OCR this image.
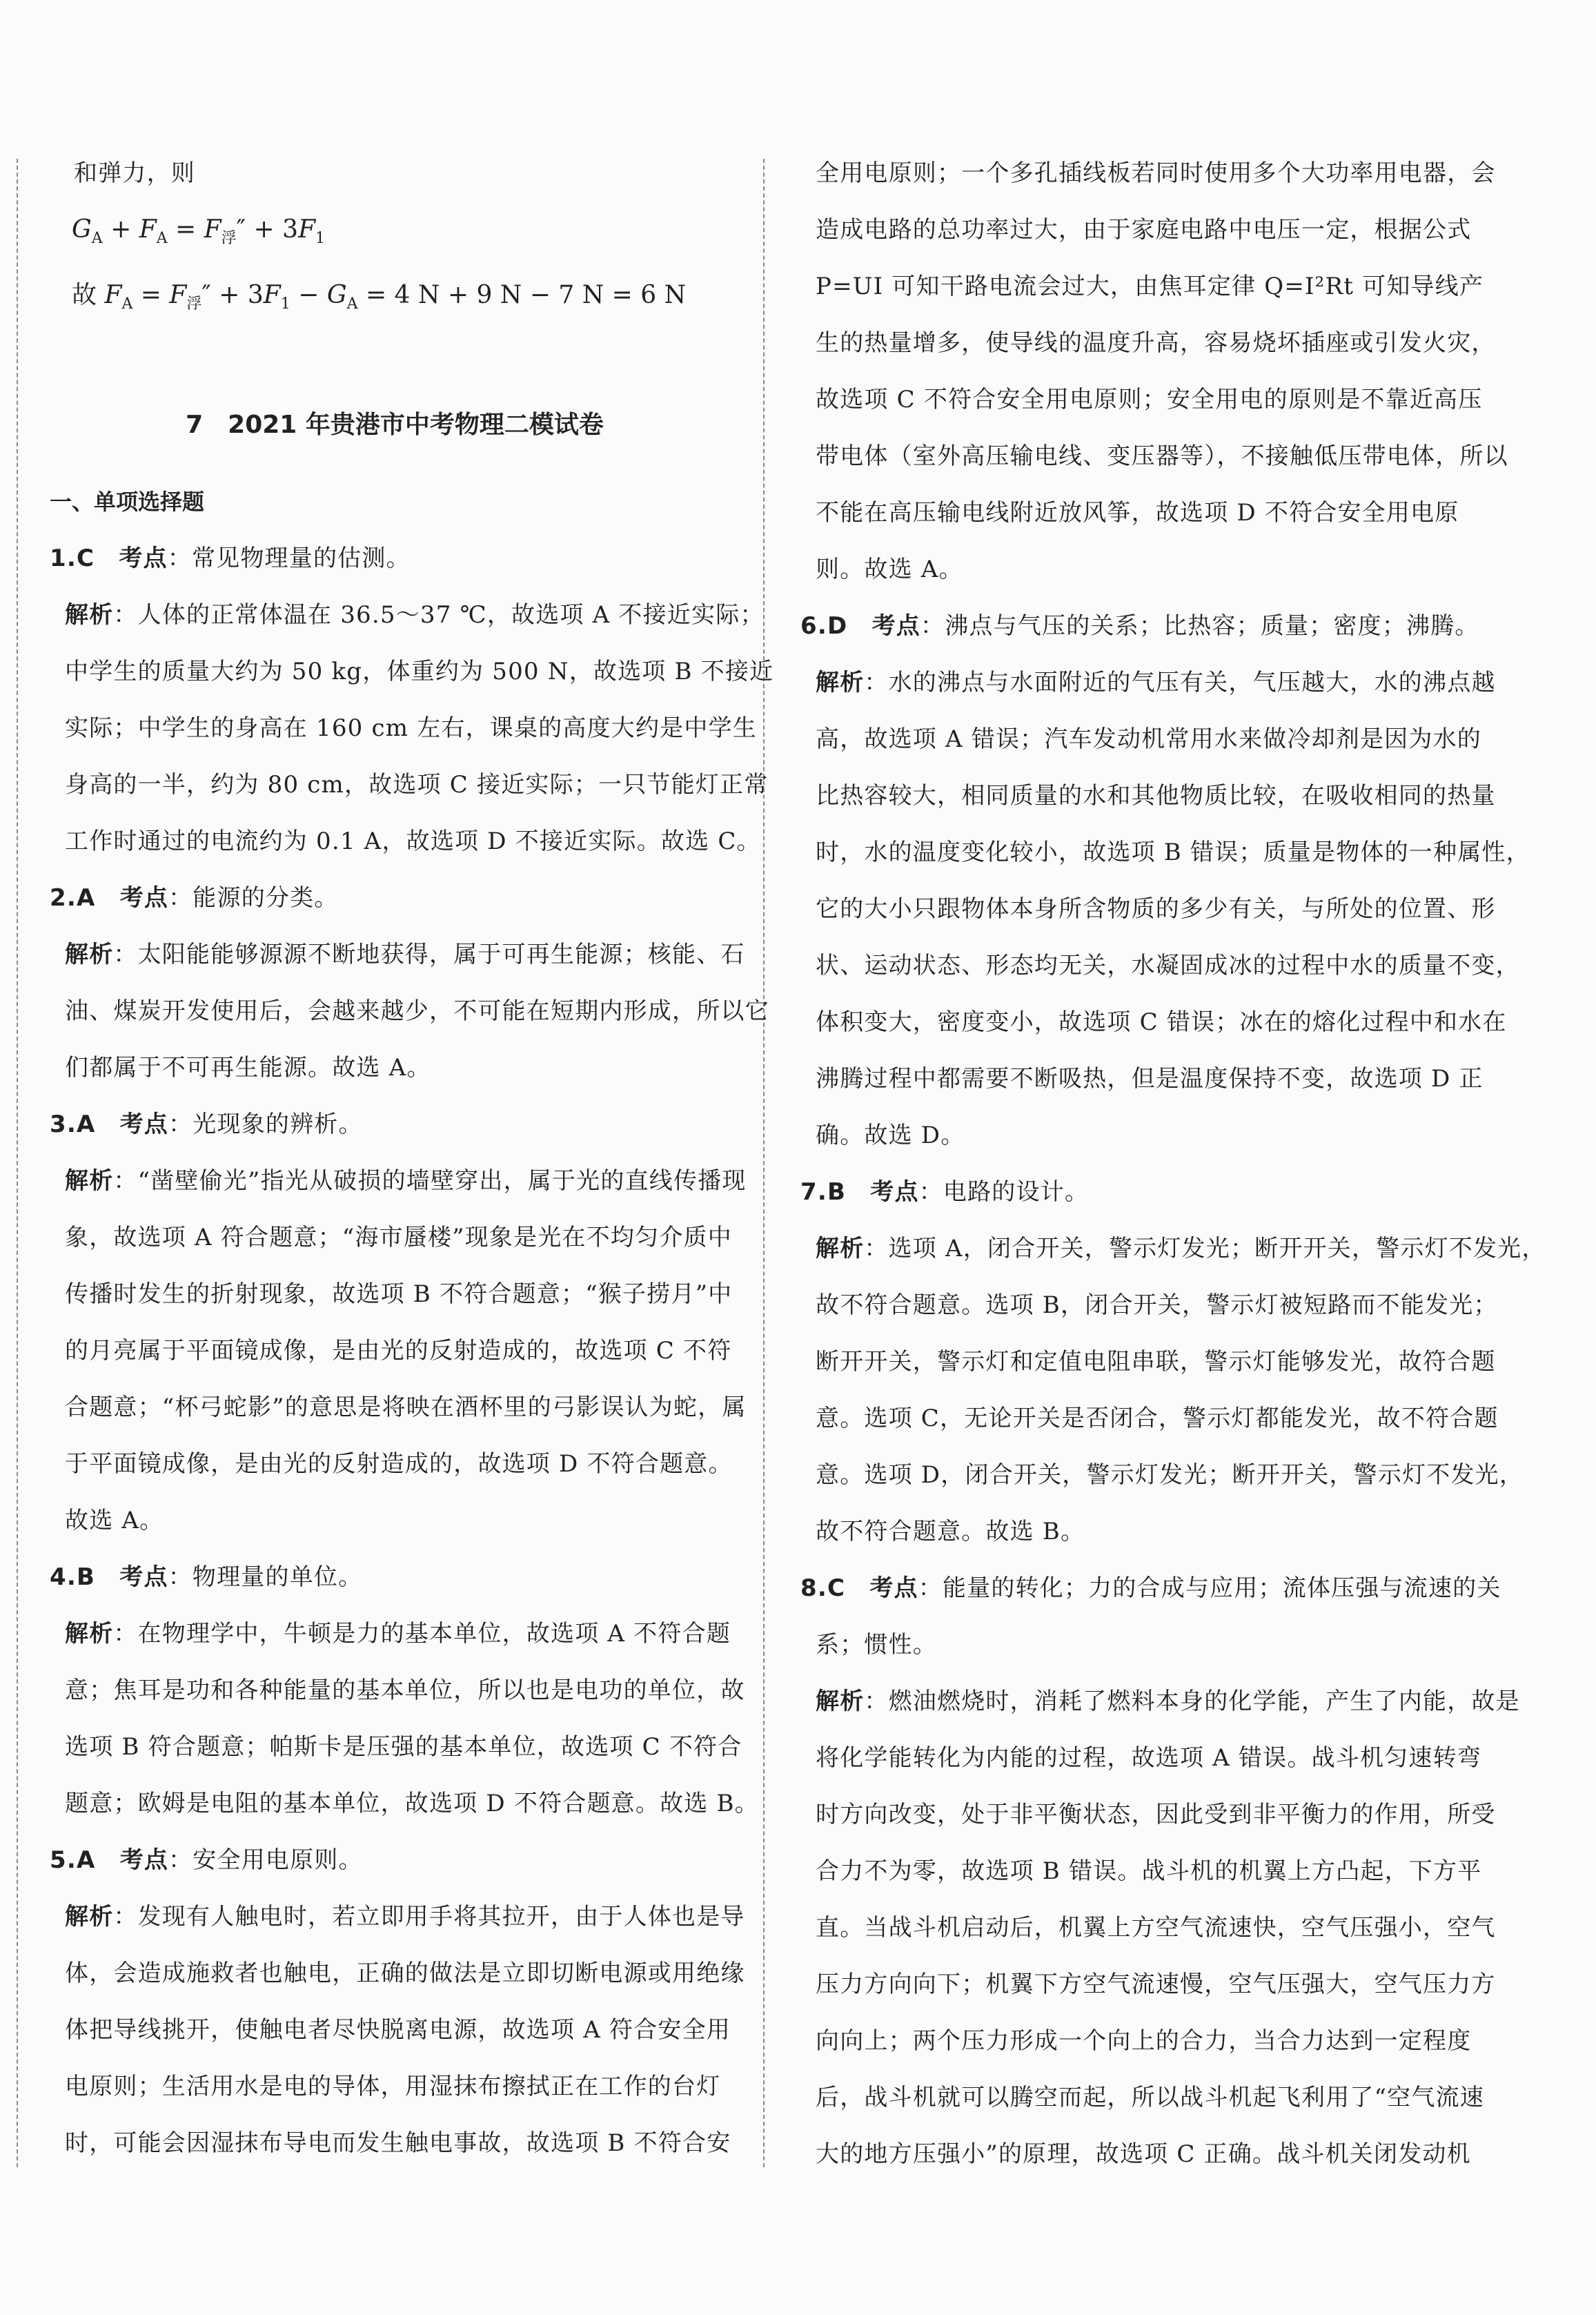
和弹力，则

$G_A + F_A = F_浮'' + 3F_1$

故 $F_A = F_浮'' + 3F_1 - G_A = 4$ N + 9 N − 7 N = 6 N

7　2021 年贵港市中考物理二模试卷

一、单项选择题

1.C　 考点：常见物理量的估测。

解析：人体的正常体温在 36.5～37 ℃，故选项 A 不接近实际；

中学生的质量大约为 50 kg，体重约为 500 N，故选项 B 不接近

实际；中学生的身高在 160 cm 左右，课桌的高度大约是中学生

身高的一半，约为 80 cm，故选项 C 接近实际；一只节能灯正常

工作时通过的电流约为 0.1 A，故选项 D 不接近实际。故选 C。

2.A　 考点：能源的分类。

解析：太阳能能够源源不断地获得，属于可再生能源；核能、石

油、煤炭开发使用后，会越来越少，不可能在短期内形成，所以它

们都属于不可再生能源。故选 A。

3.A　 考点：光现象的辨析。

解析：“凿壁偷光”指光从破损的墙壁穿出，属于光的直线传播现

象，故选项 A 符合题意；“海市蜃楼”现象是光在不均匀介质中

传播时发生的折射现象，故选项 B 不符合题意；“猴子捞月”中

的月亮属于平面镜成像，是由光的反射造成的，故选项 C 不符

合题意；“杯弓蛇影”的意思是将映在酒杯里的弓影误认为蛇，属

于平面镜成像，是由光的反射造成的，故选项 D 不符合题意。

故选 A。

4.B　 考点：物理量的单位。

解析：在物理学中，牛顿是力的基本单位，故选项 A 不符合题

意；焦耳是功和各种能量的基本单位，所以也是电功的单位，故

选项 B 符合题意；帕斯卡是压强的基本单位，故选项 C 不符合

题意；欧姆是电阻的基本单位，故选项 D 不符合题意。故选 B。

5.A　 考点：安全用电原则。

解析：发现有人触电时，若立即用手将其拉开，由于人体也是导

体，会造成施救者也触电，正确的做法是立即切断电源或用绝缘

体把导线挑开，使触电者尽快脱离电源，故选项 A 符合安全用

电原则；生活用水是电的导体，用湿抹布擦拭正在工作的台灯

时，可能会因湿抹布导电而发生触电事故，故选项 B 不符合安

全用电原则；一个多孔插线板若同时使用多个大功率用电器，会

造成电路的总功率过大，由于家庭电路中电压一定，根据公式

P=UI 可知干路电流会过大，由焦耳定律 Q=I²Rt 可知导线产

生的热量增多，使导线的温度升高，容易烧坏插座或引发火灾，

故选项 C 不符合安全用电原则；安全用电的原则是不靠近高压

带电体（室外高压输电线、变压器等），不接触低压带电体，所以

不能在高压输电线附近放风筝，故选项 D 不符合安全用电原

则。故选 A。

6.D　 考点：沸点与气压的关系；比热容；质量；密度；沸腾。

解析：水的沸点与水面附近的气压有关，气压越大，水的沸点越

高，故选项 A 错误；汽车发动机常用水来做冷却剂是因为水的

比热容较大，相同质量的水和其他物质比较，在吸收相同的热量

时，水的温度变化较小，故选项 B 错误；质量是物体的一种属性，

它的大小只跟物体本身所含物质的多少有关，与所处的位置、形

状、运动状态、形态均无关，水凝固成冰的过程中水的质量不变，

体积变大，密度变小，故选项 C 错误；冰在的熔化过程中和水在

沸腾过程中都需要不断吸热，但是温度保持不变，故选项 D 正

确。故选 D。

7.B　 考点：电路的设计。

解析：选项 A，闭合开关，警示灯发光；断开开关，警示灯不发光，

故不符合题意。选项 B，闭合开关，警示灯被短路而不能发光；

断开开关，警示灯和定值电阻串联，警示灯能够发光，故符合题

意。选项 C，无论开关是否闭合，警示灯都能发光，故不符合题

意。选项 D，闭合开关，警示灯发光；断开开关，警示灯不发光，

故不符合题意。故选 B。

8.C　 考点：能量的转化；力的合成与应用；流体压强与流速的关

系；惯性。

解析：燃油燃烧时，消耗了燃料本身的化学能，产生了内能，故是

将化学能转化为内能的过程，故选项 A 错误。战斗机匀速转弯

时方向改变，处于非平衡状态，因此受到非平衡力的作用，所受

合力不为零，故选项 B 错误。战斗机的机翼上方凸起，下方平

直。当战斗机启动后，机翼上方空气流速快，空气压强小，空气

压力方向向下；机翼下方空气流速慢，空气压强大，空气压力方

向向上；两个压力形成一个向上的合力，当合力达到一定程度

后，战斗机就可以腾空而起，所以战斗机起飞利用了“空气流速

大的地方压强小”的原理，故选项 C 正确。战斗机关闭发动机
